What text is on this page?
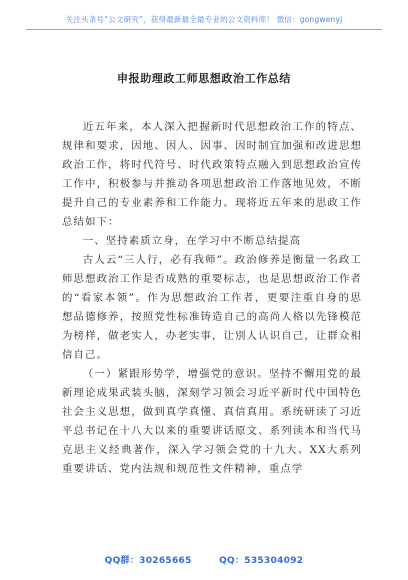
关注头条号“公文研究”，获得最新最全最专业的公文资料库！ 微信：gongwenyj
申报助理政工师思想政治工作总结

近五年来，本人深入把握新时代思想政治工作的特点、规律和要求，因地、因人、因事、因时制宜加强和改进思想政治工作，将时代符号、时代政策特点融入到思想政治宣传工作中，积极参与并推动各项思想政治工作落地见效，不断提升自己的专业素养和工作能力。现将近五年来的思政工作总结如下：

一、坚持素质立身，在学习中不断总结提高

古人云“三人行，必有我师”。政治修养是衡量一名政工师思想政治工作是否成熟的重要标志，也是思想政治工作者的“看家本领”。作为思想政治工作者，更要注重自身的思想品德修养，按照党性标准铸造自己的高尚人格以先锋模范为榜样，做老实人，办老实事，让別人认识自己，让群众相信自己。

（一）紧跟形势学，增强党的意识。坚持不懈用党的最新理论成果武装头脑，深刻学习领会习近平新时代中国特色社会主义思想，做到真学真懂、真信真用。系统研读了习近平总书记在十八大以来的重要讲话原文、系列读本和当代马克思主义经典著作，深入学习领会党的十九大、XX大系列重要讲话、党内法规和规范性文件精神，重点学

QQ群：30265665	QQ：535304092
